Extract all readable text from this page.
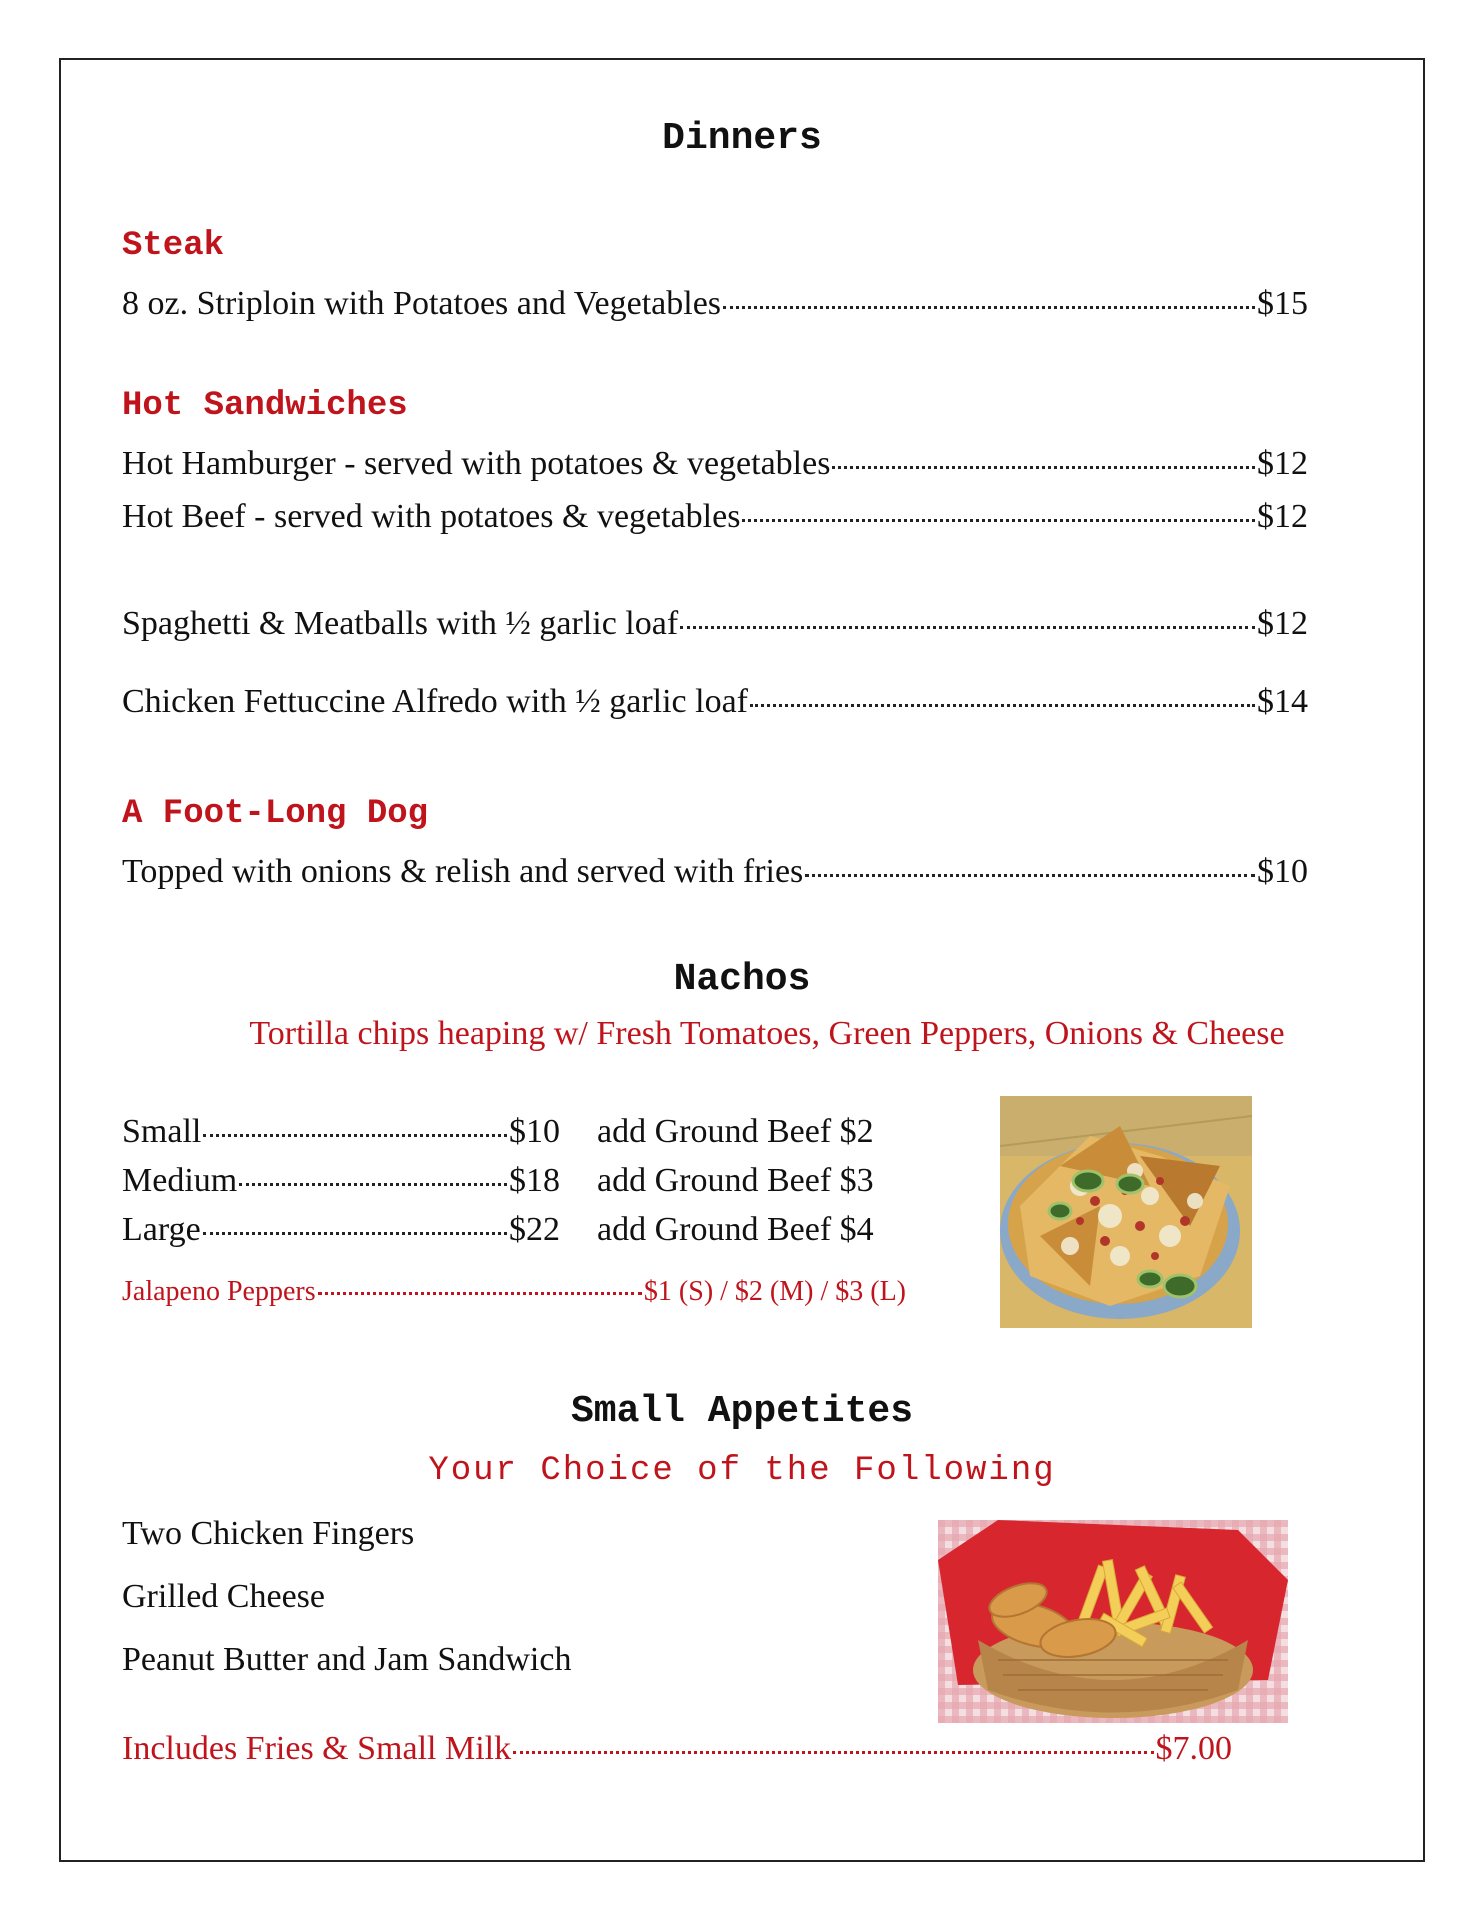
Dinners
Steak
8 oz. Striploin with Potatoes and Vegetables	$15
Hot Sandwiches
Hot Hamburger - served with potatoes & vegetables	$12
Hot Beef - served with potatoes & vegetables	$12
Spaghetti & Meatballs with ½ garlic loaf	$12
Chicken Fettuccine Alfredo with ½ garlic loaf	$14
A Foot-Long Dog
Topped with onions & relish and served with fries	$10
Nachos
Tortilla chips heaping w/ Fresh Tomatoes, Green Peppers, Onions & Cheese
Small	$10 add Ground Beef $2
Medium	$18 add Ground Beef $3
Large	$22 add Ground Beef $4
Jalapeno Peppers	$1 (S) / $2 (M) / $3 (L)
Small Appetites
Your Choice of the Following
Two Chicken Fingers
Grilled Cheese
Peanut Butter and Jam Sandwich
Includes Fries & Small Milk	$7.00
